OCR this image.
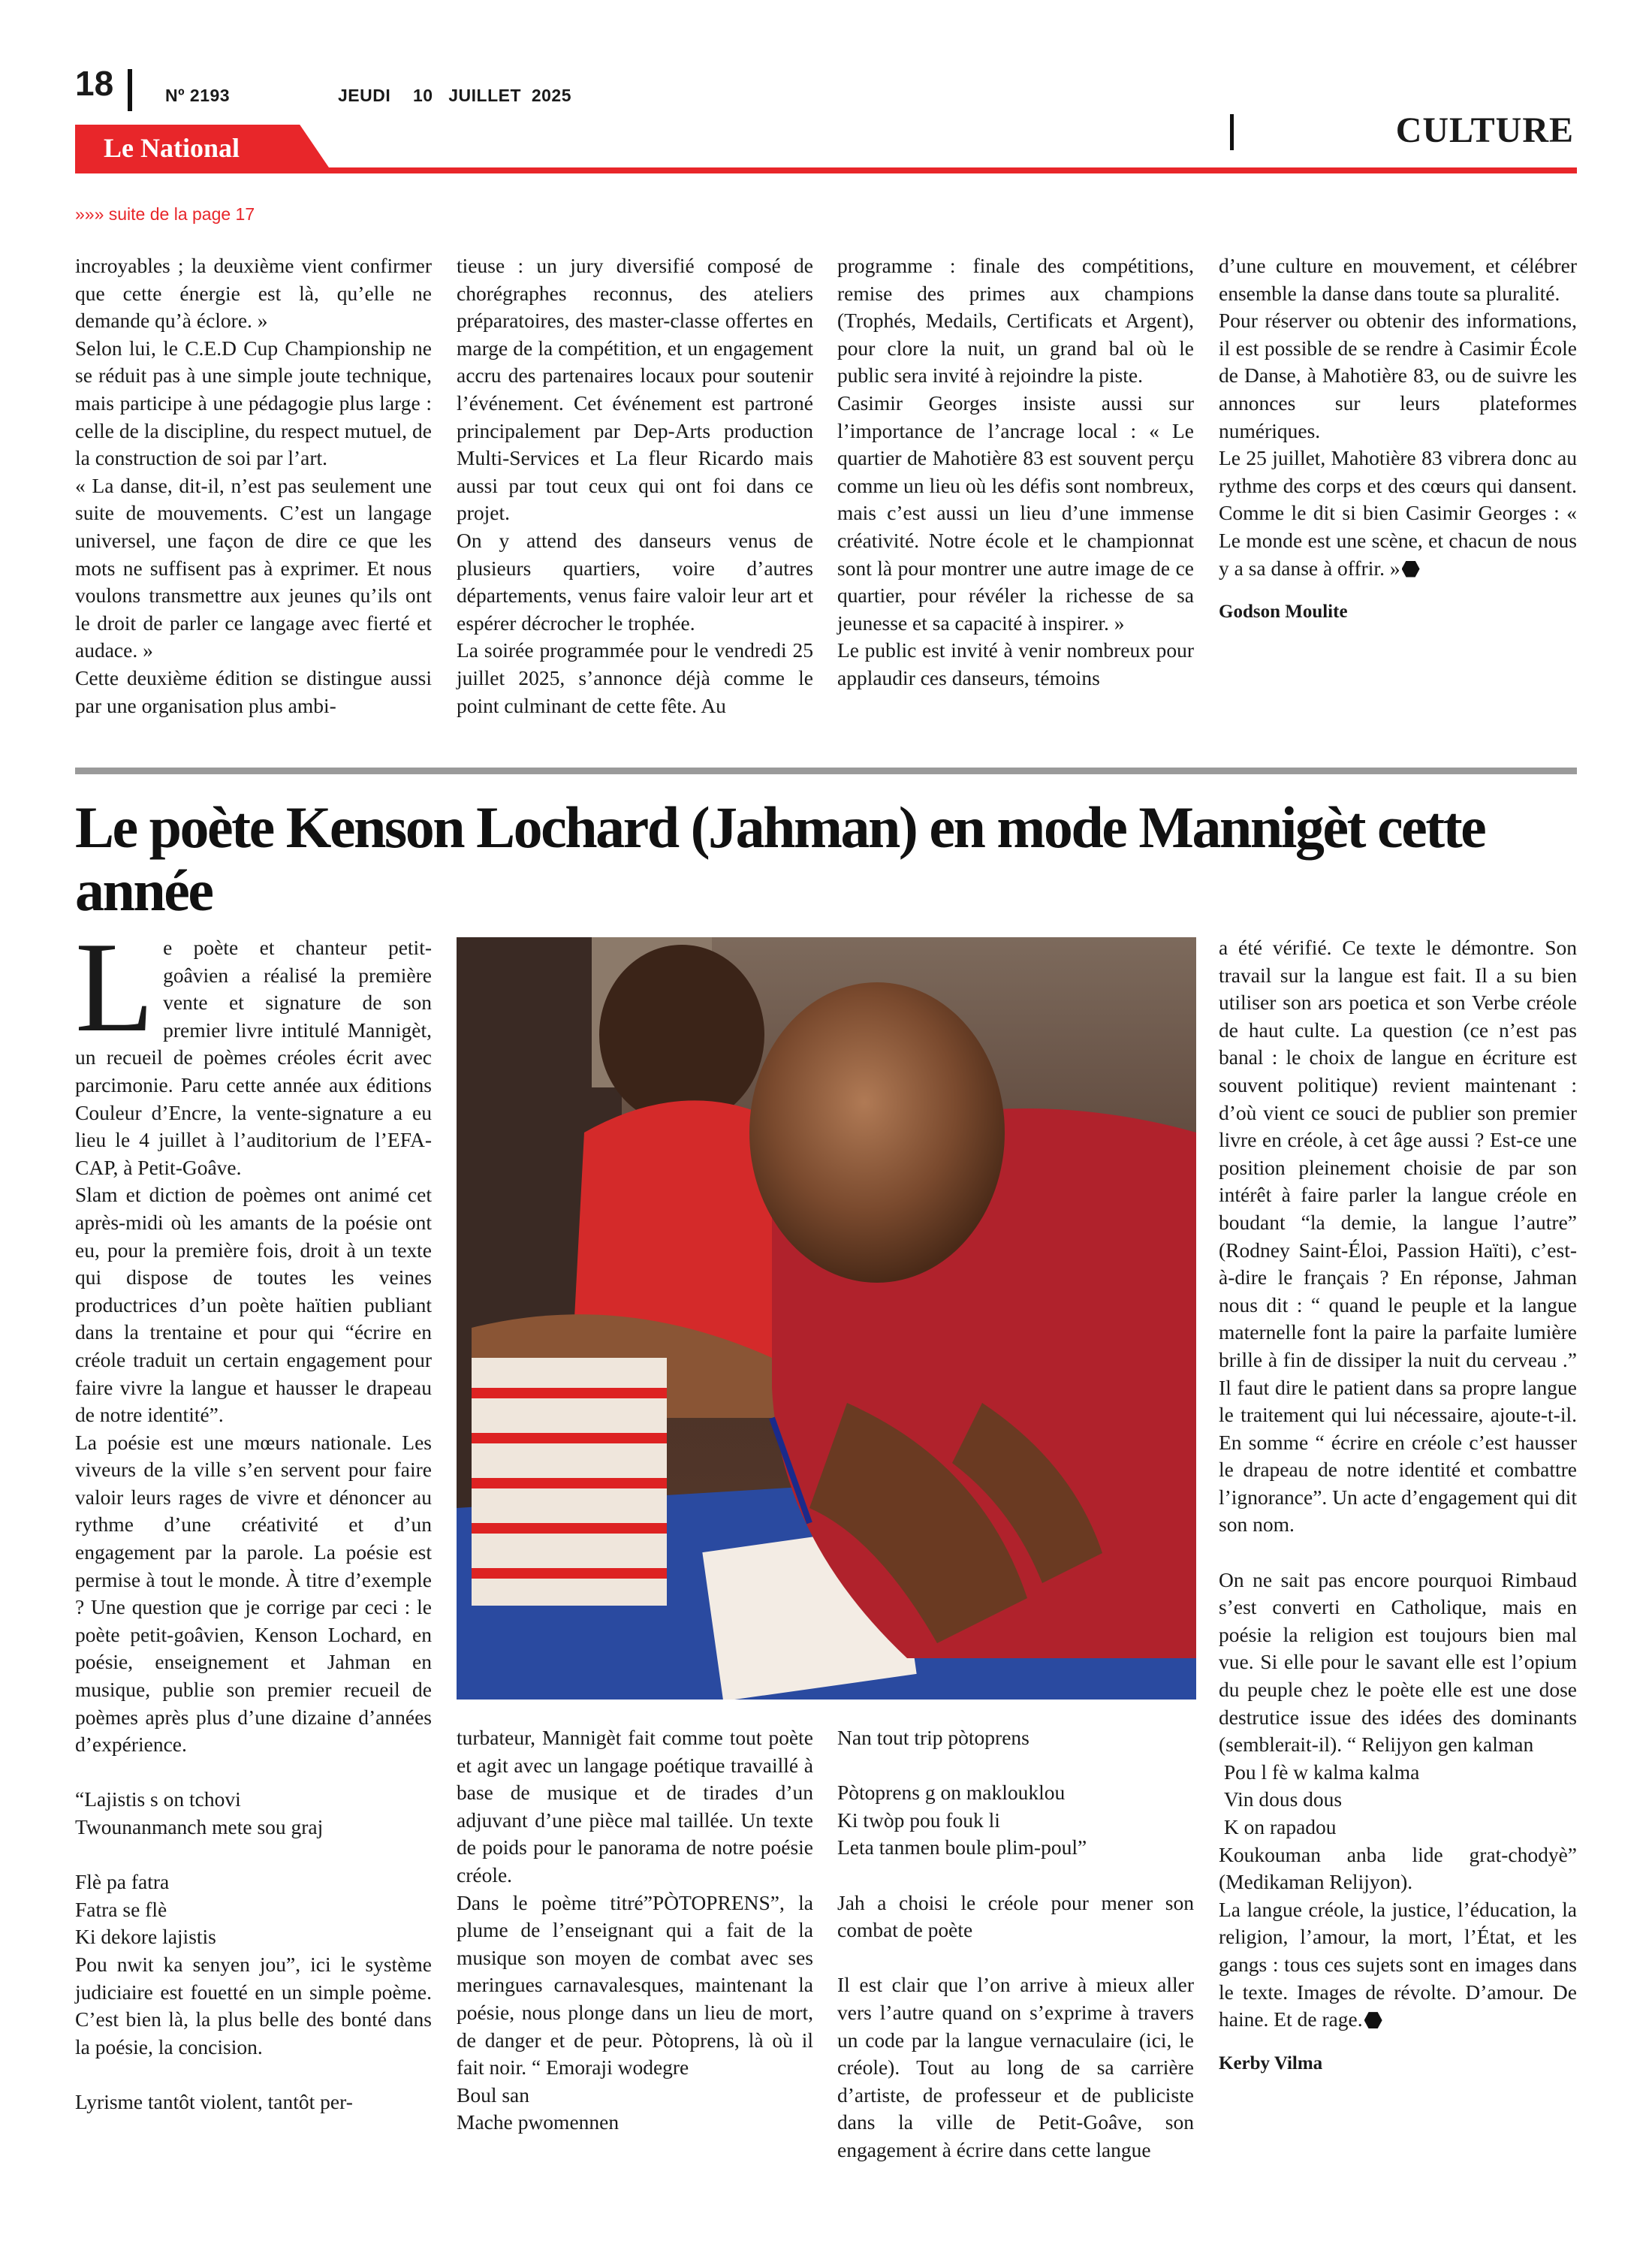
18	Nº 2193	JEUDI 10   JUILLET  2025
CULTURE
Le National
»»» suite de la page 17

incroyables ; la deuxième vient confirmer que cette énergie est là, qu’elle ne demande qu’à éclore. »

Selon lui, le C.E.D Cup Championship ne se réduit pas à une simple joute technique, mais participe à une pédagogie plus large : celle de la discipline, du respect mutuel, de la construction de soi par l’art.

« La danse, dit-il, n’est pas seulement une suite de mouvements. C’est un langage universel, une façon de dire ce que les mots ne suffisent pas à exprimer. Et nous voulons transmettre aux jeunes qu’ils ont le droit de parler ce langage avec fierté et audace. »

Cette deuxième édition se distingue aussi par une organisation plus ambi-

tieuse : un jury diversifié composé de chorégraphes reconnus, des ateliers préparatoires, des master-classe offertes en marge de la compétition, et un engagement accru des partenaires locaux pour soutenir l’événement. Cet événement est partroné principalement par Dep-Arts production Multi-Services et La fleur Ricardo mais aussi par tout ceux qui ont foi dans ce projet.

On y attend des danseurs venus de plusieurs quartiers, voire d’autres départements, venus faire valoir leur art et espérer décrocher le trophée.

La soirée programmée pour le vendredi 25 juillet 2025, s’annonce déjà comme le point culminant de cette fête. Au

programme : finale des compétitions, remise des primes aux champions (Trophés, Medails, Certificats et Argent), pour clore la nuit, un grand bal où le public sera invité à rejoindre la piste.

Casimir Georges insiste aussi sur l’importance de l’ancrage local : « Le quartier de Mahotière 83 est souvent perçu comme un lieu où les défis sont nombreux, mais c’est aussi un lieu d’une immense créativité. Notre école et le championnat sont là pour montrer une autre image de ce quartier, pour révéler la richesse de sa jeunesse et sa capacité à inspirer. »

Le public est invité à venir nombreux pour applaudir ces danseurs, témoins

d’une culture en mouvement, et célébrer ensemble la danse dans toute sa pluralité.

Pour réserver ou obtenir des informations, il est possible de se rendre à Casimir École de Danse, à Mahotière 83, ou de suivre les annonces sur leurs plateformes numériques.

Le 25 juillet, Mahotière 83 vibrera donc au rythme des corps et des cœurs qui dansent. Comme le dit si bien Casimir Georges : « Le monde est une scène, et chacun de nous y a sa danse à offrir. »

Godson Moulite

Le poète Kenson Lochard (Jahman) en mode Mannigèt cette année

Le poète et chanteur petit-goâvien a réalisé la première vente et signature de son premier livre intitulé Mannigèt, un recueil de poèmes créoles écrit avec parcimonie. Paru cette année aux éditions Couleur d’Encre, la vente-signature a eu lieu le 4 juillet à l’auditorium de l’EFA-CAP, à Petit-Goâve.

Slam et diction de poèmes ont animé cet après-midi où les amants de la poésie ont eu, pour la première fois, droit à un texte qui dispose de toutes les veines productrices d’un poète haïtien publiant dans la trentaine et pour qui “écrire en créole traduit un certain engagement pour faire vivre la langue et hausser le drapeau de notre identité”.

La poésie est une mœurs nationale. Les viveurs de la ville s’en servent pour faire valoir leurs rages de vivre et dénoncer au rythme d’une créativité et d’un engagement par la parole. La poésie est permise à tout le monde. À titre d’exemple ? Une question que je corrige par ceci : le poète petit-goâvien, Kenson Lochard, en poésie, enseignement et Jahman en musique, publie son premier recueil de poèmes après plus d’une dizaine d’années d’expérience.

“Lajistis s on tchovi

Twounanmanch mete sou graj

Flè pa fatra

Fatra se flè

Ki dekore lajistis

Pou nwit ka senyen jou”, ici le système judiciaire est fouetté en un simple poème. C’est bien là, la plus belle des bonté dans la poésie, la concision.

Lyrisme tantôt violent, tantôt per-

turbateur, Mannigèt fait comme tout poète et agit avec un langage poétique travaillé à base de musique et de tirades d’un adjuvant d’une pièce mal taillée. Un texte de poids pour le panorama de notre poésie créole.

Dans le poème titré”PÒTOPRENS”, la plume de l’enseignant qui a fait de la musique son moyen de combat avec ses meringues carnavalesques, maintenant la poésie, nous plonge dans un lieu de mort, de danger et de peur. Pòtoprens, là où il fait noir. “ Emoraji wodegre

Boul san

Mache pwomennen

Nan tout trip pòtoprens

Pòtoprens g on maklouklou

Ki twòp pou fouk li

Leta tanmen boule plim-poul”

Jah a choisi le créole pour mener son combat de poète

Il est clair que l’on arrive à mieux aller vers l’autre quand on s’exprime à travers un code par la langue vernaculaire (ici, le créole). Tout au long de sa carrière d’artiste, de professeur et de publiciste dans la ville de Petit-Goâve, son engagement à écrire dans cette langue

a été vérifié. Ce texte le démontre. Son travail sur la langue est fait. Il a su bien utiliser son ars poetica et son Verbe créole de haut culte. La question (ce n’est pas banal : le choix de langue en écriture est souvent politique) revient maintenant : d’où vient ce souci de publier son premier livre en créole, à cet âge aussi ? Est-ce une position pleinement choisie de par son intérêt à faire parler la langue créole en boudant “la demie, la langue l’autre” (Rodney Saint-Éloi, Passion Haïti), c’est-à-dire le français ? En réponse, Jahman nous dit : “ quand le peuple et la langue maternelle font la paire la parfaite lumière brille à fin de dissiper la nuit du cerveau .” Il faut dire le patient dans sa propre langue le traitement qui lui nécessaire, ajoute-t-il. En somme “ écrire en créole c’est hausser le drapeau de notre identité et combattre l’ignorance”. Un acte d’engagement qui dit son nom.

On ne sait pas encore pourquoi Rimbaud s’est converti en Catholique, mais en poésie la religion est toujours bien mal vue. Si elle pour le savant elle est l’opium du peuple chez le poète elle est une dose destrutice issue des idées des dominants (semblerait-il). “ Relijyon gen kalman

Pou l fè w kalma kalma

Vin dous dous

K on rapadou

Koukouman anba lide grat-chodyè” (Medikaman Relijyon).

La langue créole, la justice, l’éducation, la religion, l’amour, la mort, l’État, et les gangs : tous ces sujets sont en images dans le texte. Images de révolte. D’amour. De haine. Et de rage.

Kerby Vilma
